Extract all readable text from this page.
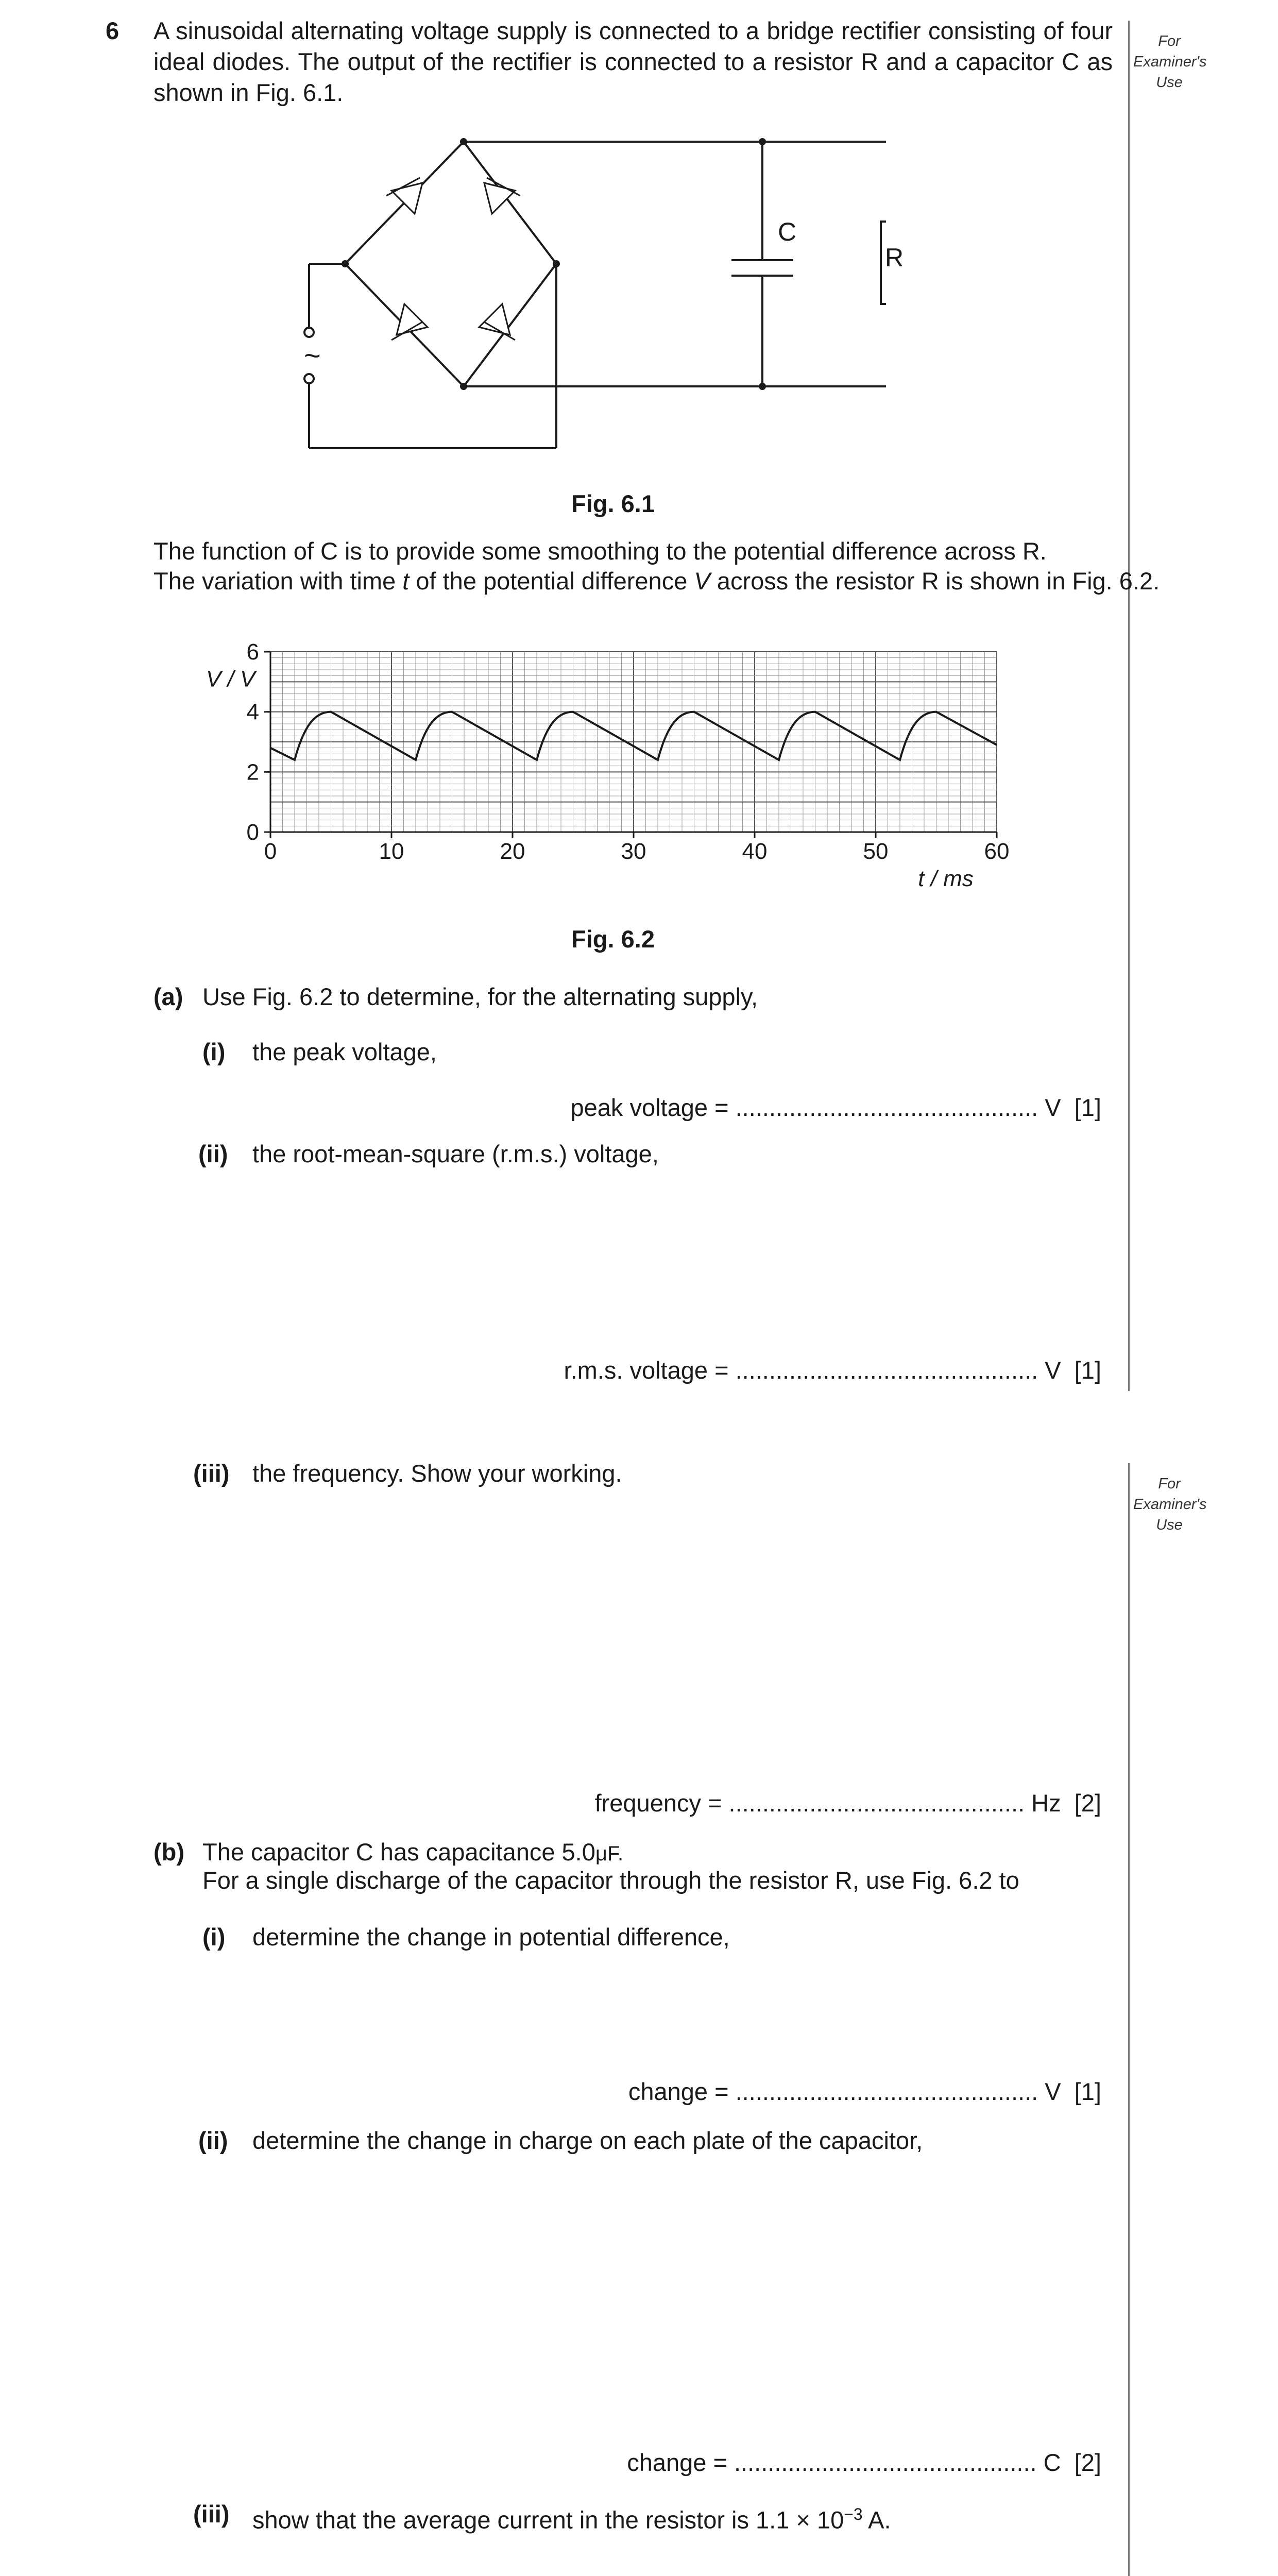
For
Examiner's
Use
For
Examiner's
Use
6 A sinusoidal alternating voltage supply is connected to a bridge rectifier consisting of four ideal diodes. The output of the rectifier is connected to a resistor R and a capacitor C as shown in Fig. 6.1.
C
R
~
Fig. 6.1
The function of C is to provide some smoothing to the potential difference across R.
The variation with time t of the potential difference V across the resistor R is shown in Fig. 6.2.
0	10	20	30	40	50	60
0
2
4
6
V / V
t / ms
Fig. 6.2
(a) Use Fig. 6.2 to determine, for the alternating supply,
(i) the peak voltage,
peak voltage = ............................................. V [1]
(ii) the root-mean-square (r.m.s.) voltage,
r.m.s. voltage = ............................................. V [1]
(iii) the frequency. Show your working.
frequency = ............................................ Hz [2]
(b) The capacitor C has capacitance 5.0μF.
For a single discharge of the capacitor through the resistor R, use Fig. 6.2 to
(i) determine the change in potential difference,
change = ............................................. V [1]
(ii) determine the change in charge on each plate of the capacitor,
change = ............................................. C [2]
(iii) show that the average current in the resistor is $1.1 \times 10^{-3}$ A.
